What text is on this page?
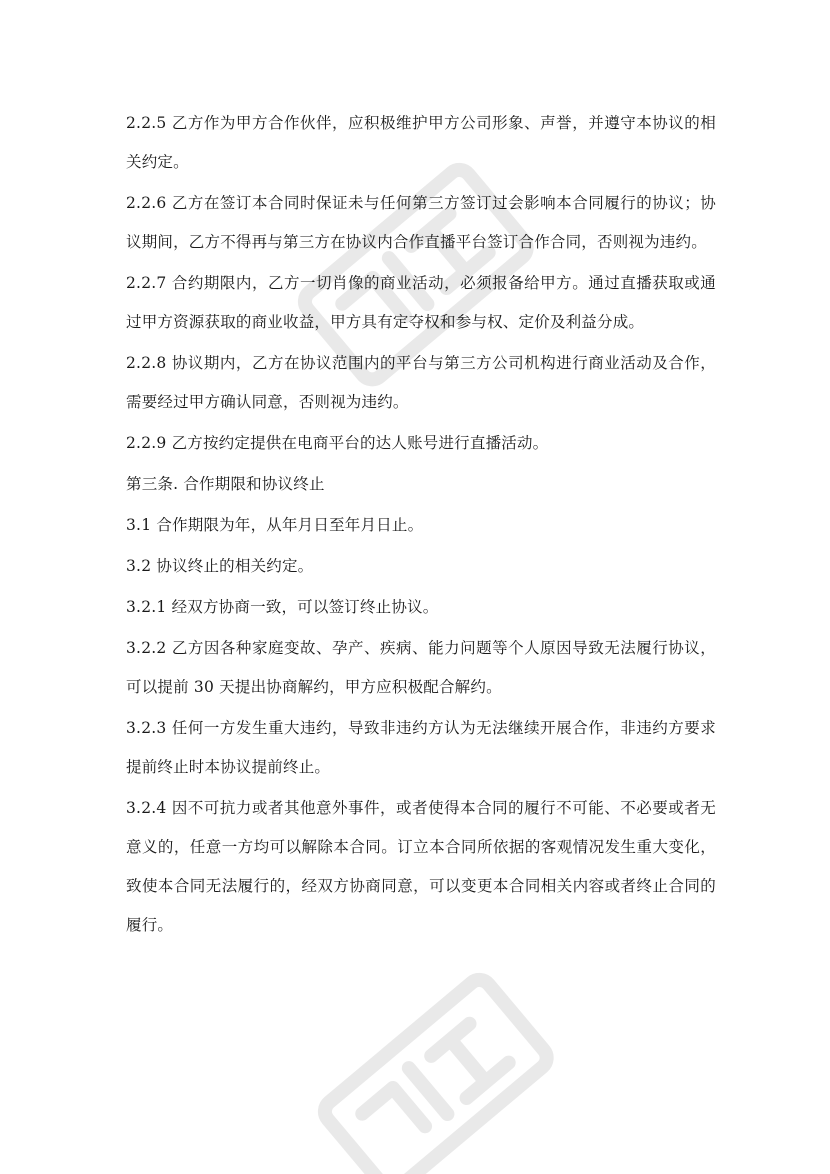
2.2.5 乙方作为甲方合作伙伴，应积极维护甲方公司形象、声誉，并遵守本协议的相关约定。

2.2.6 乙方在签订本合同时保证未与任何第三方签订过会影响本合同履行的协议；协议期间，乙方不得再与第三方在协议内合作直播平台签订合作合同，否则视为违约。

2.2.7 合约期限内，乙方一切肖像的商业活动，必须报备给甲方。通过直播获取或通过甲方资源获取的商业收益，甲方具有定夺权和参与权、定价及利益分成。

2.2.8 协议期内，乙方在协议范围内的平台与第三方公司机构进行商业活动及合作，需要经过甲方确认同意，否则视为违约。

2.2.9 乙方按约定提供在电商平台的达人账号进行直播活动。

第三条. 合作期限和协议终止

3.1 合作期限为年，从年月日至年月日止。

3.2 协议终止的相关约定。

3.2.1 经双方协商一致，可以签订终止协议。

3.2.2 乙方因各种家庭变故、孕产、疾病、能力问题等个人原因导致无法履行协议，可以提前 30 天提出协商解约，甲方应积极配合解约。

3.2.3 任何一方发生重大违约，导致非违约方认为无法继续开展合作，非违约方要求提前终止时本协议提前终止。

3.2.4 因不可抗力或者其他意外事件，或者使得本合同的履行不可能、不必要或者无意义的，任意一方均可以解除本合同。订立本合同所依据的客观情况发生重大变化，致使本合同无法履行的，经双方协商同意，可以变更本合同相关内容或者终止合同的履行。
